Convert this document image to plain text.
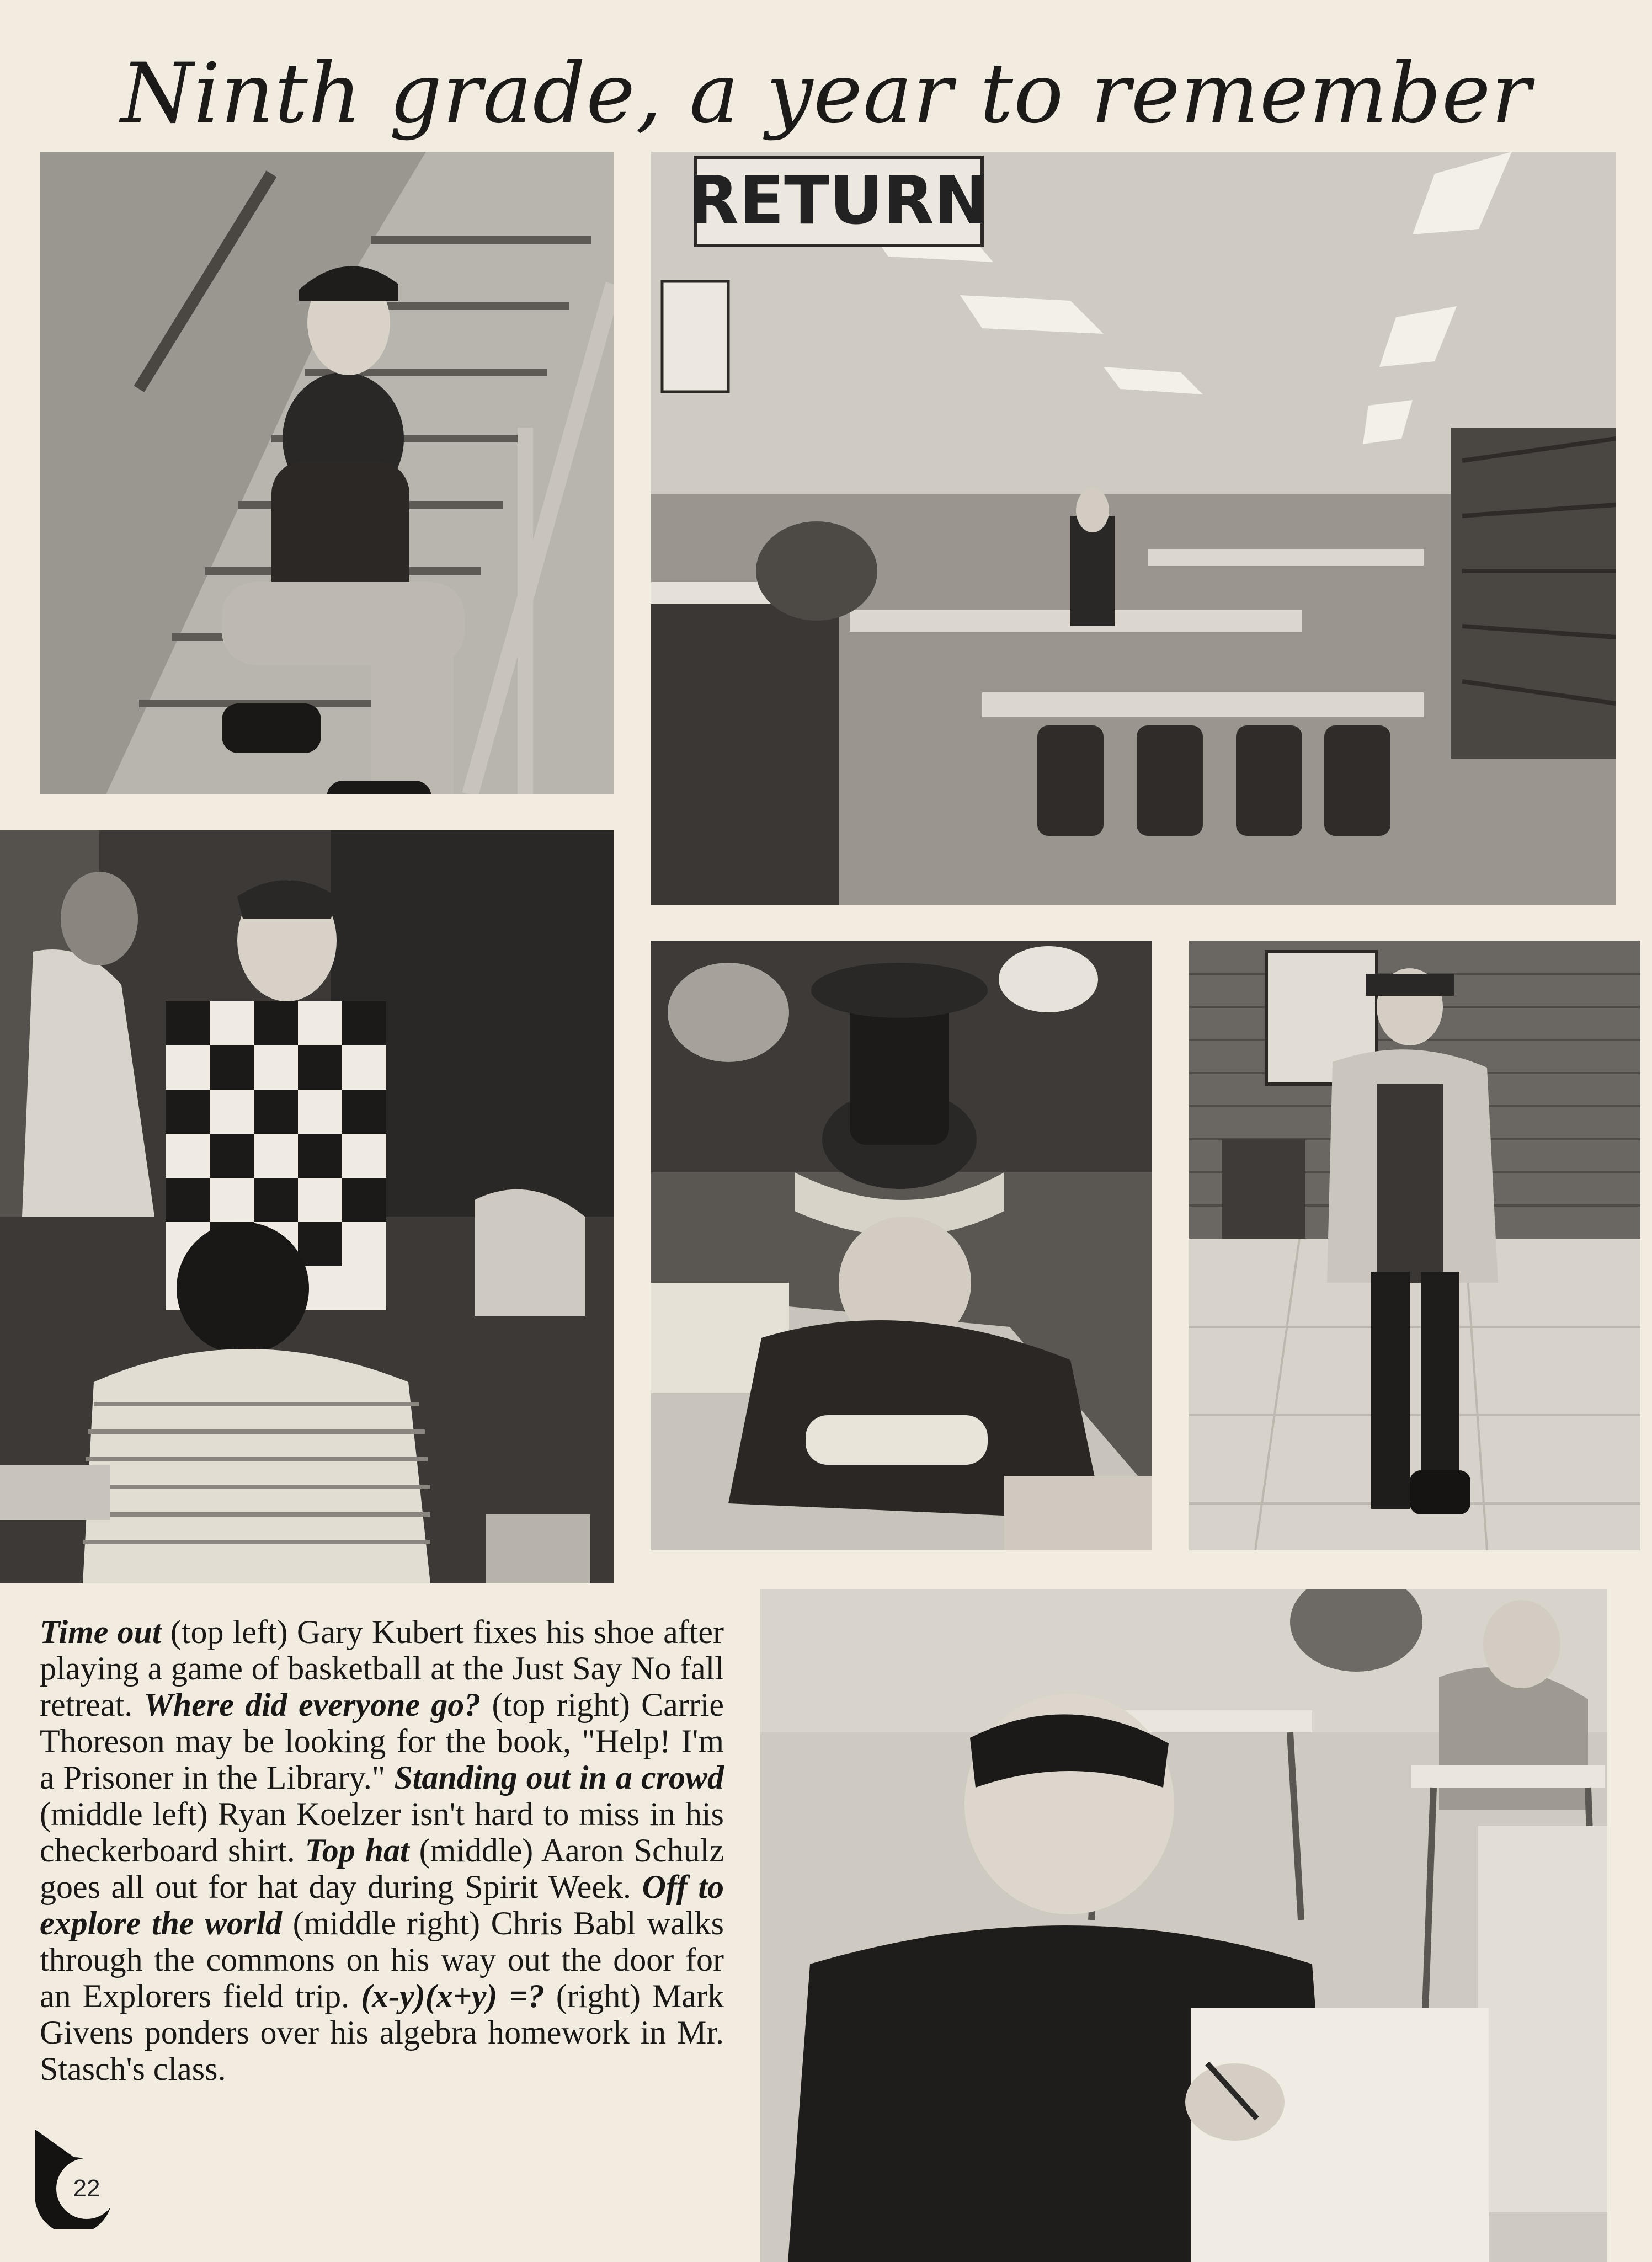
Ninth grade, a year to remember
RETURN
Time out (top left) Gary Kubert fixes his shoe after playing a game of basketball at the Just Say No fall retreat. Where did everyone go? (top right) Carrie Thoreson may be looking for the book, "Help! I'm a Prisoner in the Library." Standing out in a crowd (middle left) Ryan Koelzer isn't hard to miss in his checkerboard shirt. Top hat (middle) Aaron Schulz goes all out for hat day during Spirit Week. Off to explore the world (middle right) Chris Babl walks through the commons on his way out the door for an Explorers field trip. (x-y)(x+y) =? (right) Mark Givens ponders over his algebra homework in Mr. Stasch's class.
22
